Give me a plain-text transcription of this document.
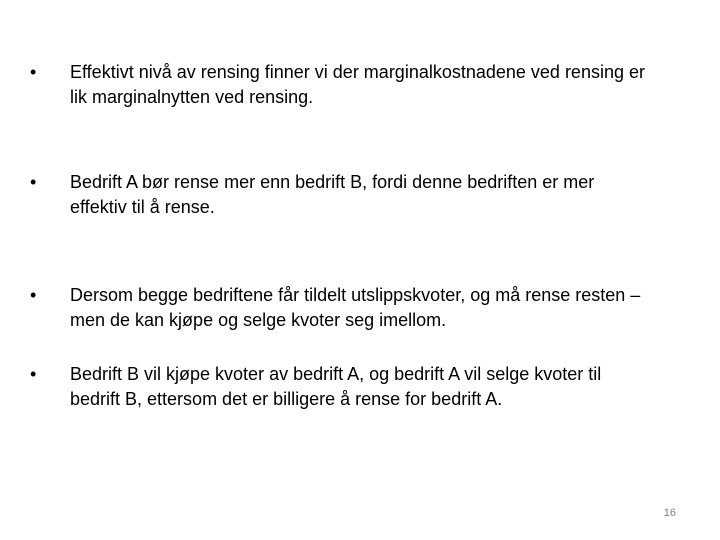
•	Effektivt nivå av rensing finner vi der marginalkostnadene ved rensing er
lik marginalnytten ved rensing.
•	Bedrift A bør rense mer enn bedrift B, fordi denne bedriften er mer
effektiv til å rense.
•	Dersom begge bedriftene får tildelt utslippskvoter, og må rense resten –
men de kan kjøpe og selge kvoter seg imellom.
•	Bedrift B vil kjøpe kvoter av bedrift A, og bedrift A vil selge kvoter til
bedrift B, ettersom det er billigere å rense for bedrift A.
16
